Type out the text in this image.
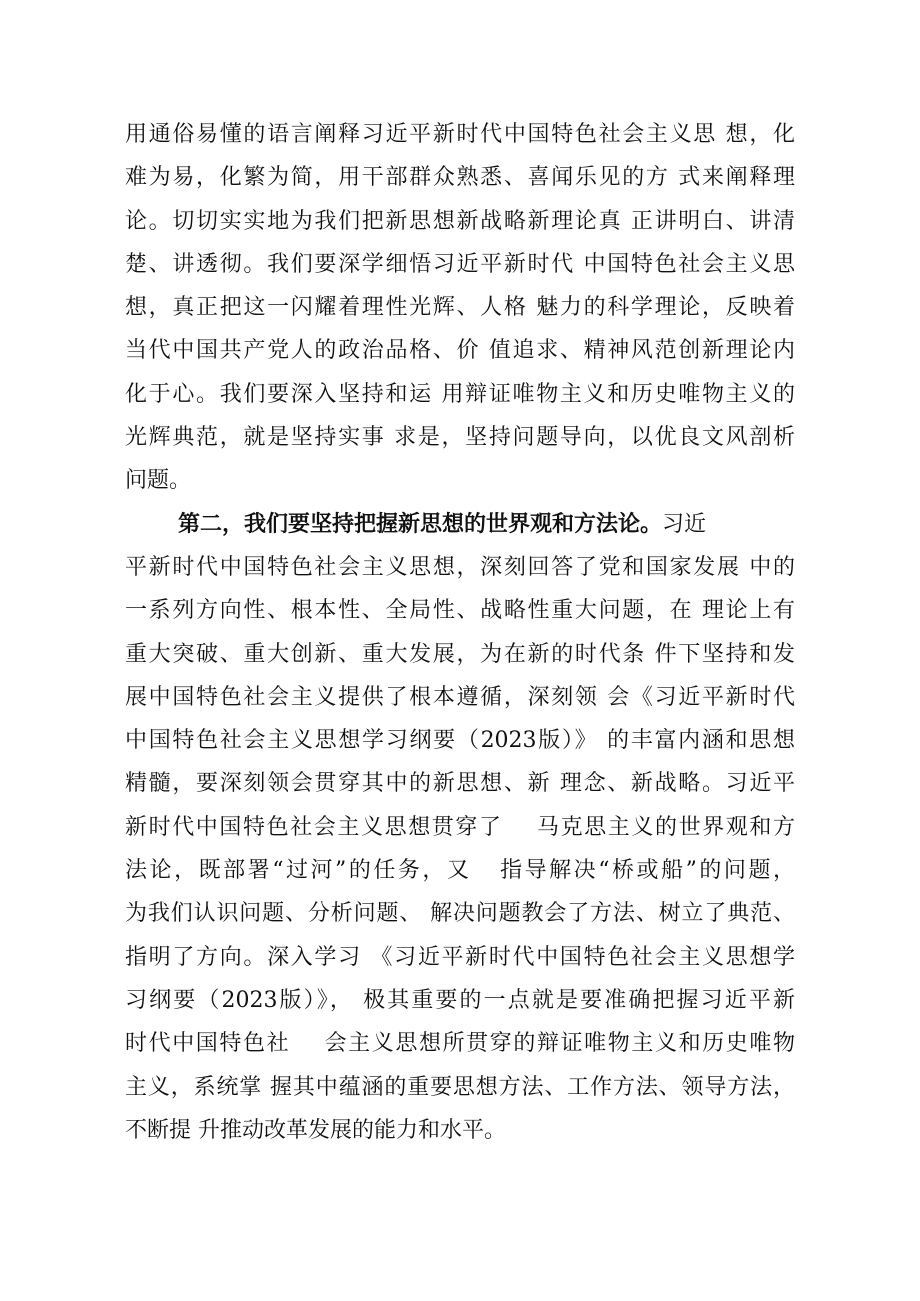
用通俗易懂的语言阐释习近平新时代中国特色社会主义思 想，化
难为易，化繁为简，用干部群众熟悉、喜闻乐见的方 式来阐释理
论。切切实实地为我们把新思想新战略新理论真 正讲明白、讲清
楚、讲透彻。我们要深学细悟习近平新时代 中国特色社会主义思
想，真正把这一闪耀着理性光辉、人格 魅力的科学理论，反映着
当代中国共产党人的政治品格、价 值追求、精神风范创新理论内
化于心。我们要深入坚持和运 用辩证唯物主义和历史唯物主义的
光辉典范，就是坚持实事 求是，坚持问题导向，以优良文风剖析
问题。
第二，我们要坚持把握新思想的世界观和方法论。习近
平新时代中国特色社会主义思想，深刻回答了党和国家发展 中的
一系列方向性、根本性、全局性、战略性重大问题，在 理论上有
重大突破、重大创新、重大发展，为在新的时代条 件下坚持和发
展中国特色社会主义提供了根本遵循，深刻领 会《习近平新时代
中国特色社会主义思想学习纲要（2023版）》 的丰富内涵和思想
精髓，要深刻领会贯穿其中的新思想、新 理念、新战略。习近平
新时代中国特色社会主义思想贯穿了    马克思主义的世界观和方
法论，既部署“过河”的任务，又   指导解决“桥或船”的问题，
为我们认识问题、分析问题、 解决问题教会了方法、树立了典范、
指明了方向。深入学习 《习近平新时代中国特色社会主义思想学
习纲要（2023版）》， 极其重要的一点就是要准确把握习近平新
时代中国特色社    会主义思想所贯穿的辩证唯物主义和历史唯物
主义，系统掌 握其中蕴涵的重要思想方法、工作方法、领导方法，
不断提 升推动改革发展的能力和水平。
